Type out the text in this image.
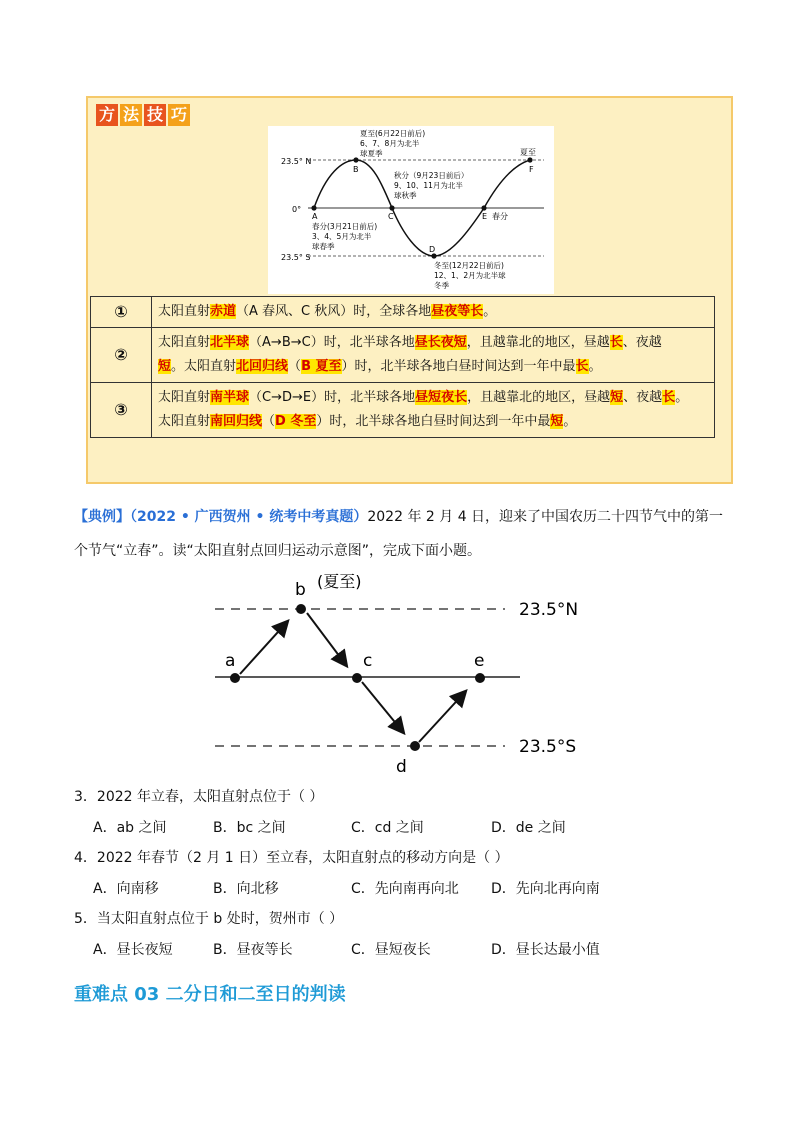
方 法 技 巧
23.5° N
0°
23.5° S
A
B
C
D
E
F
春分
夏至
夏至(6月22日前后)
6、7、8月为北半
球夏季
秋分（9月23日前后）
9、10、11月为北半
球秋季
春分(3月21日前后)
3、4、5月为北半
球春季
冬至(12月22日前后)
12、1、2月为北半球
冬季
①	太阳直射赤道（A 春风、C 秋风）时，全球各地昼夜等长。

②	太阳直射北半球（A→B→C）时，北半球各地昼长夜短，且越靠北的地区，昼越长、夜越
短。太阳直射北回归线（B 夏至）时，北半球各地白昼时间达到一年中最长。

③	太阳直射南半球（C→D→E）时，北半球各地昼短夜长，且越靠北的地区，昼越短、夜越长。
太阳直射南回归线（D 冬至）时，北半球各地白昼时间达到一年中最短。
【典例】（2022 • 广西贺州 • 统考中考真题）2022 年 2 月 4 日，迎来了中国农历二十四节气中的第一个节气“立春”。读“太阳直射点回归运动示意图”，完成下面小题。
a
b
c
d
e
(夏至)
23.5°N
23.5°S
3．2022 年立春，太阳直射点位于（ ）
A．ab 之间	B．bc 之间	C．cd 之间	D．de 之间
4．2022 年春节（2 月 1 日）至立春，太阳直射点的移动方向是（ ）
A．向南移	B．向北移	C．先向南再向北 D．先向北再向南
5．当太阳直射点位于 b 处时，贺州市（ ）
A．昼长夜短	B．昼夜等长	C．昼短夜长	D．昼长达最小值
重难点 03 二分日和二至日的判读
